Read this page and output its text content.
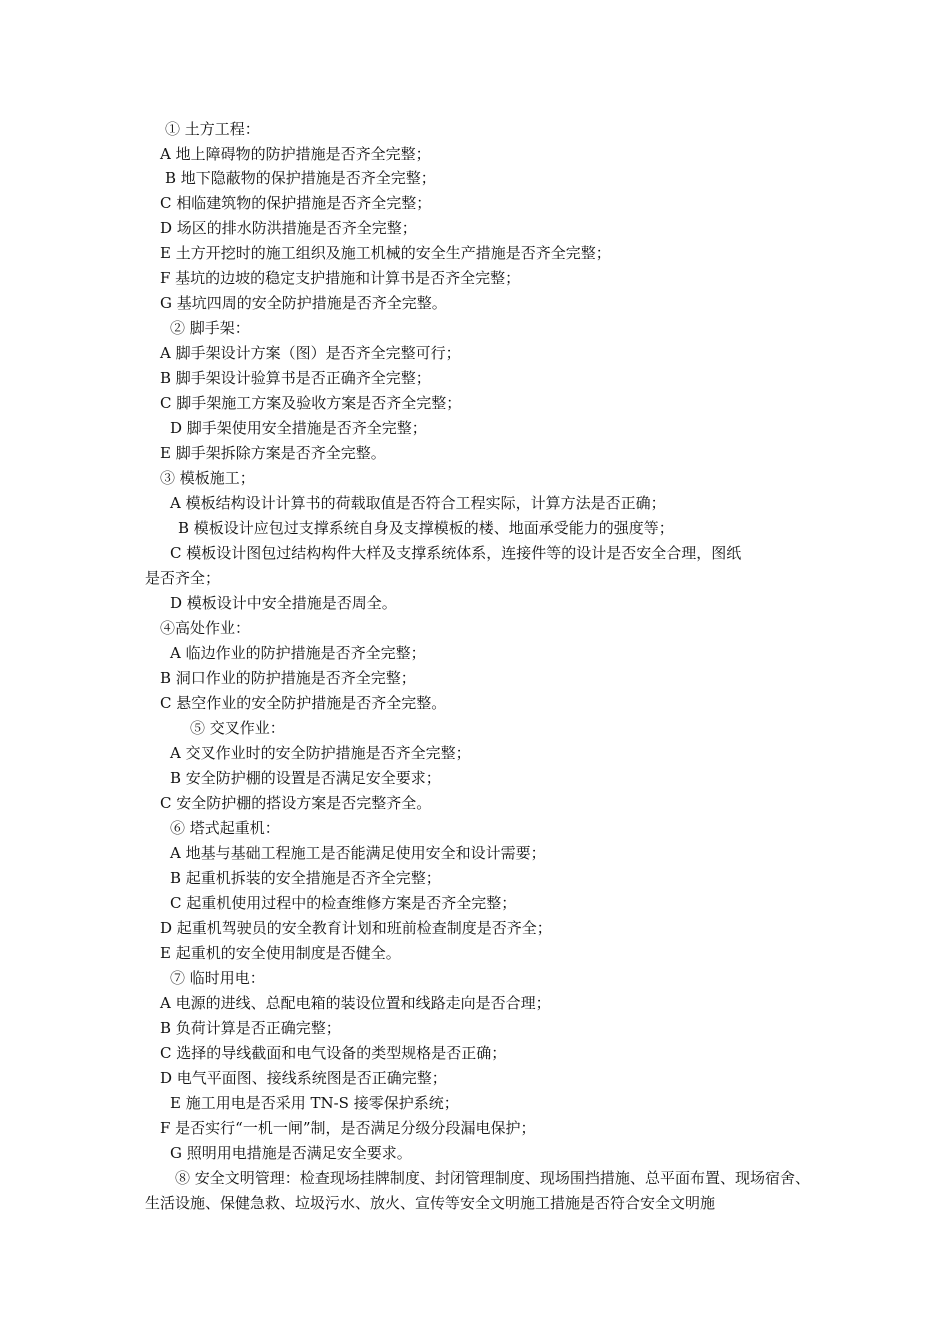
① 土方工程：
A 地上障碍物的防护措施是否齐全完整；
B 地下隐蔽物的保护措施是否齐全完整；
C 相临建筑物的保护措施是否齐全完整；
D 场区的排水防洪措施是否齐全完整；
E 土方开挖时的施工组织及施工机械的安全生产措施是否齐全完整；
F 基坑的边坡的稳定支护措施和计算书是否齐全完整；
G 基坑四周的安全防护措施是否齐全完整。
② 脚手架：
A 脚手架设计方案（图）是否齐全完整可行；
B 脚手架设计验算书是否正确齐全完整；
C 脚手架施工方案及验收方案是否齐全完整；
D 脚手架使用安全措施是否齐全完整；
E 脚手架拆除方案是否齐全完整。
③ 模板施工；
A 模板结构设计计算书的荷载取值是否符合工程实际，计算方法是否正确；
B 模板设计应包过支撑系统自身及支撑模板的楼、地面承受能力的强度等；
C 模板设计图包过结构构件大样及支撑系统体系，连接件等的设计是否安全合理，图纸
是否齐全；
D 模板设计中安全措施是否周全。
④高处作业：
A 临边作业的防护措施是否齐全完整；
B 洞口作业的防护措施是否齐全完整；
C 悬空作业的安全防护措施是否齐全完整。
⑤ 交叉作业：
A 交叉作业时的安全防护措施是否齐全完整；
B 安全防护棚的设置是否满足安全要求；
C 安全防护棚的搭设方案是否完整齐全。
⑥ 塔式起重机：
A 地基与基础工程施工是否能满足使用安全和设计需要；
B 起重机拆装的安全措施是否齐全完整；
C 起重机使用过程中的检查维修方案是否齐全完整；
D 起重机驾驶员的安全教育计划和班前检查制度是否齐全；
E 起重机的安全使用制度是否健全。
⑦ 临时用电：
A 电源的进线、总配电箱的装设位置和线路走向是否合理；
B 负荷计算是否正确完整；
C 选择的导线截面和电气设备的类型规格是否正确；
D 电气平面图、接线系统图是否正确完整；
E 施工用电是否采用 TN-S 接零保护系统；
F 是否实行“一机一闸”制，是否满足分级分段漏电保护；
G 照明用电措施是否满足安全要求。
⑧ 安全文明管理：检查现场挂牌制度、封闭管理制度、现场围挡措施、总平面布置、现场宿舍、生活设施、保健急救、垃圾污水、放火、宣传等安全文明施工措施是否符合安全文明施
